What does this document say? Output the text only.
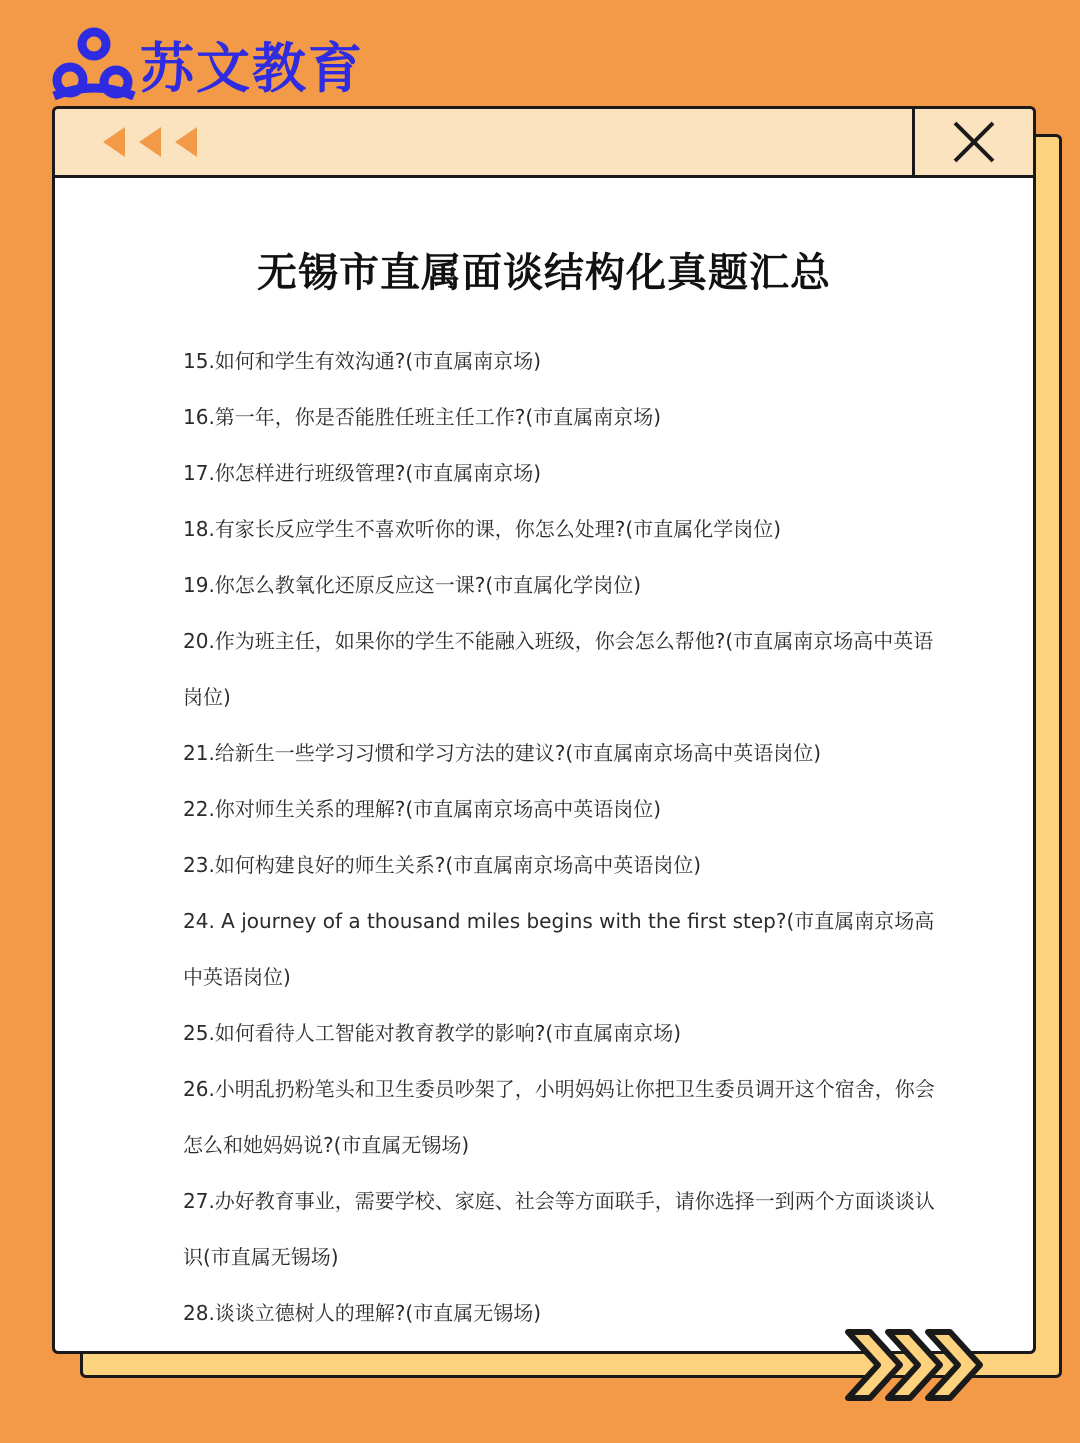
苏文教育
无锡市直属面谈结构化真题汇总

15.如何和学生有效沟通?(市直属南京场)

16.第一年，你是否能胜任班主任工作?(市直属南京场)

17.你怎样进行班级管理?(市直属南京场)

18.有家长反应学生不喜欢听你的课，你怎么处理?(市直属化学岗位)

19.你怎么教氧化还原反应这一课?(市直属化学岗位)

20.作为班主任，如果你的学生不能融入班级，你会怎么帮他?(市直属南京场高中英语岗位)

21.给新生一些学习习惯和学习方法的建议?(市直属南京场高中英语岗位)

22.你对师生关系的理解?(市直属南京场高中英语岗位)

23.如何构建良好的师生关系?(市直属南京场高中英语岗位)

24. A journey of a thousand miles begins with the first step?(市直属南京场高中英语岗位)

25.如何看待人工智能对教育教学的影响?(市直属南京场)

26.小明乱扔粉笔头和卫生委员吵架了，小明妈妈让你把卫生委员调开这个宿舍，你会怎么和她妈妈说?(市直属无锡场)

27.办好教育事业，需要学校、家庭、社会等方面联手，请你选择一到两个方面谈谈认识(市直属无锡场)

28.谈谈立德树人的理解?(市直属无锡场)
